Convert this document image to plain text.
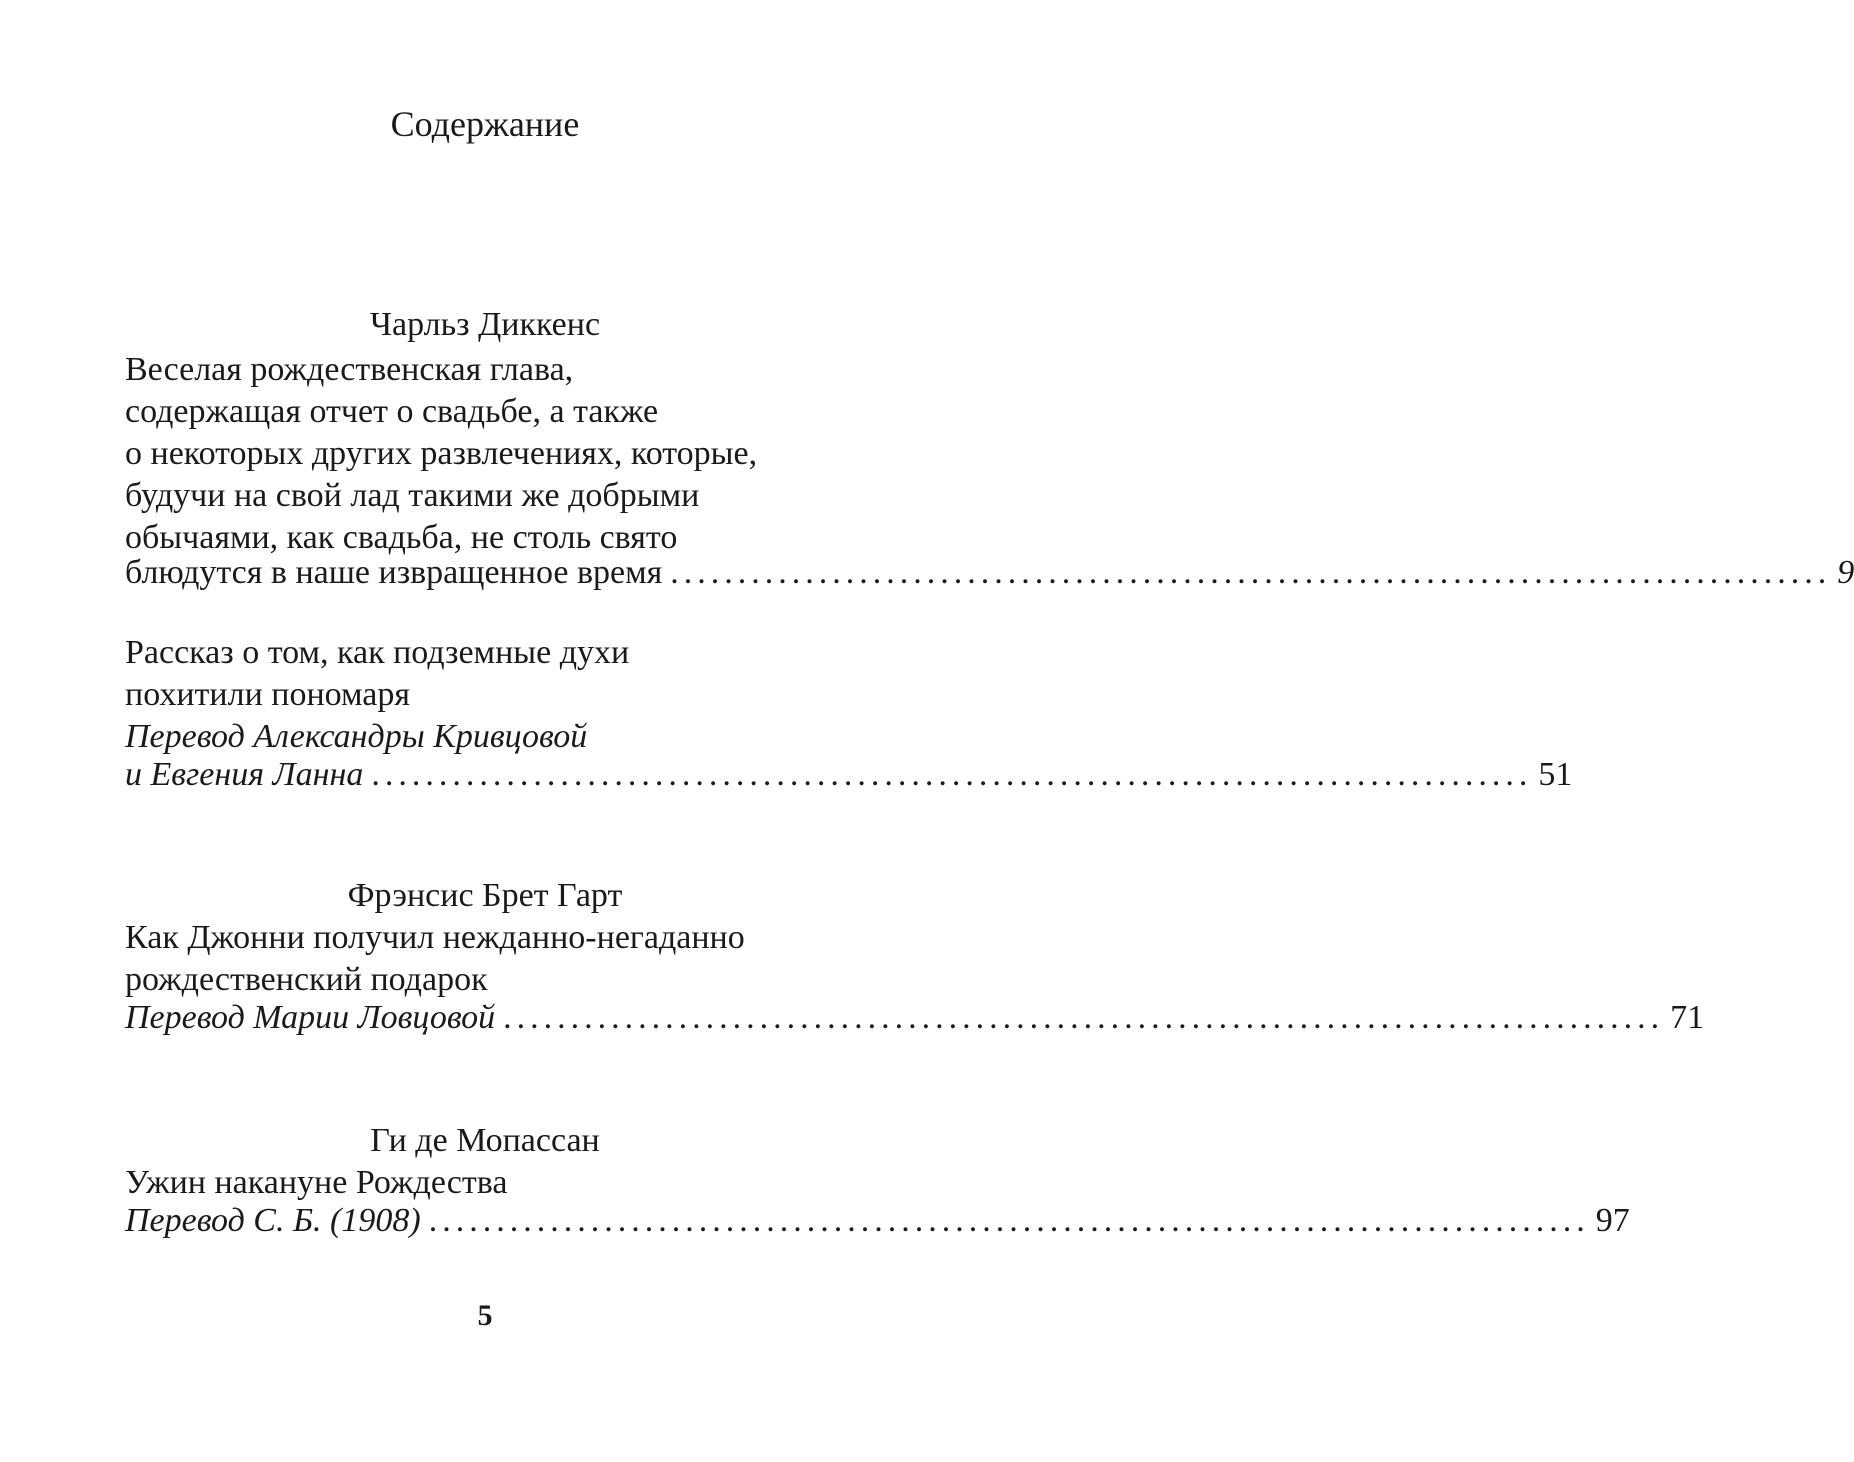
Содержание
Чарльз Диккенс
Веселая рождественская глава,
содержащая отчет о свадьбе, а также
о некоторых других развлечениях, которые,
будучи на свой лад такими же добрыми
обычаями, как свадьба, не столь свято
блюдутся в наше извращенное время ...................................................................................... 9
Рассказ о том, как подземные духи
похитили пономаря
Перевод Александры Кривцовой
и Евгения Ланна ...................................................................................... 51
Фрэнсис Брет Гарт
Как Джонни получил нежданно-негаданно
рождественский подарок
Перевод Марии Ловцовой ...................................................................................... 71
Ги де Мопассан
Ужин накануне Рождества
Перевод С. Б. (1908) ...................................................................................... 97
5
